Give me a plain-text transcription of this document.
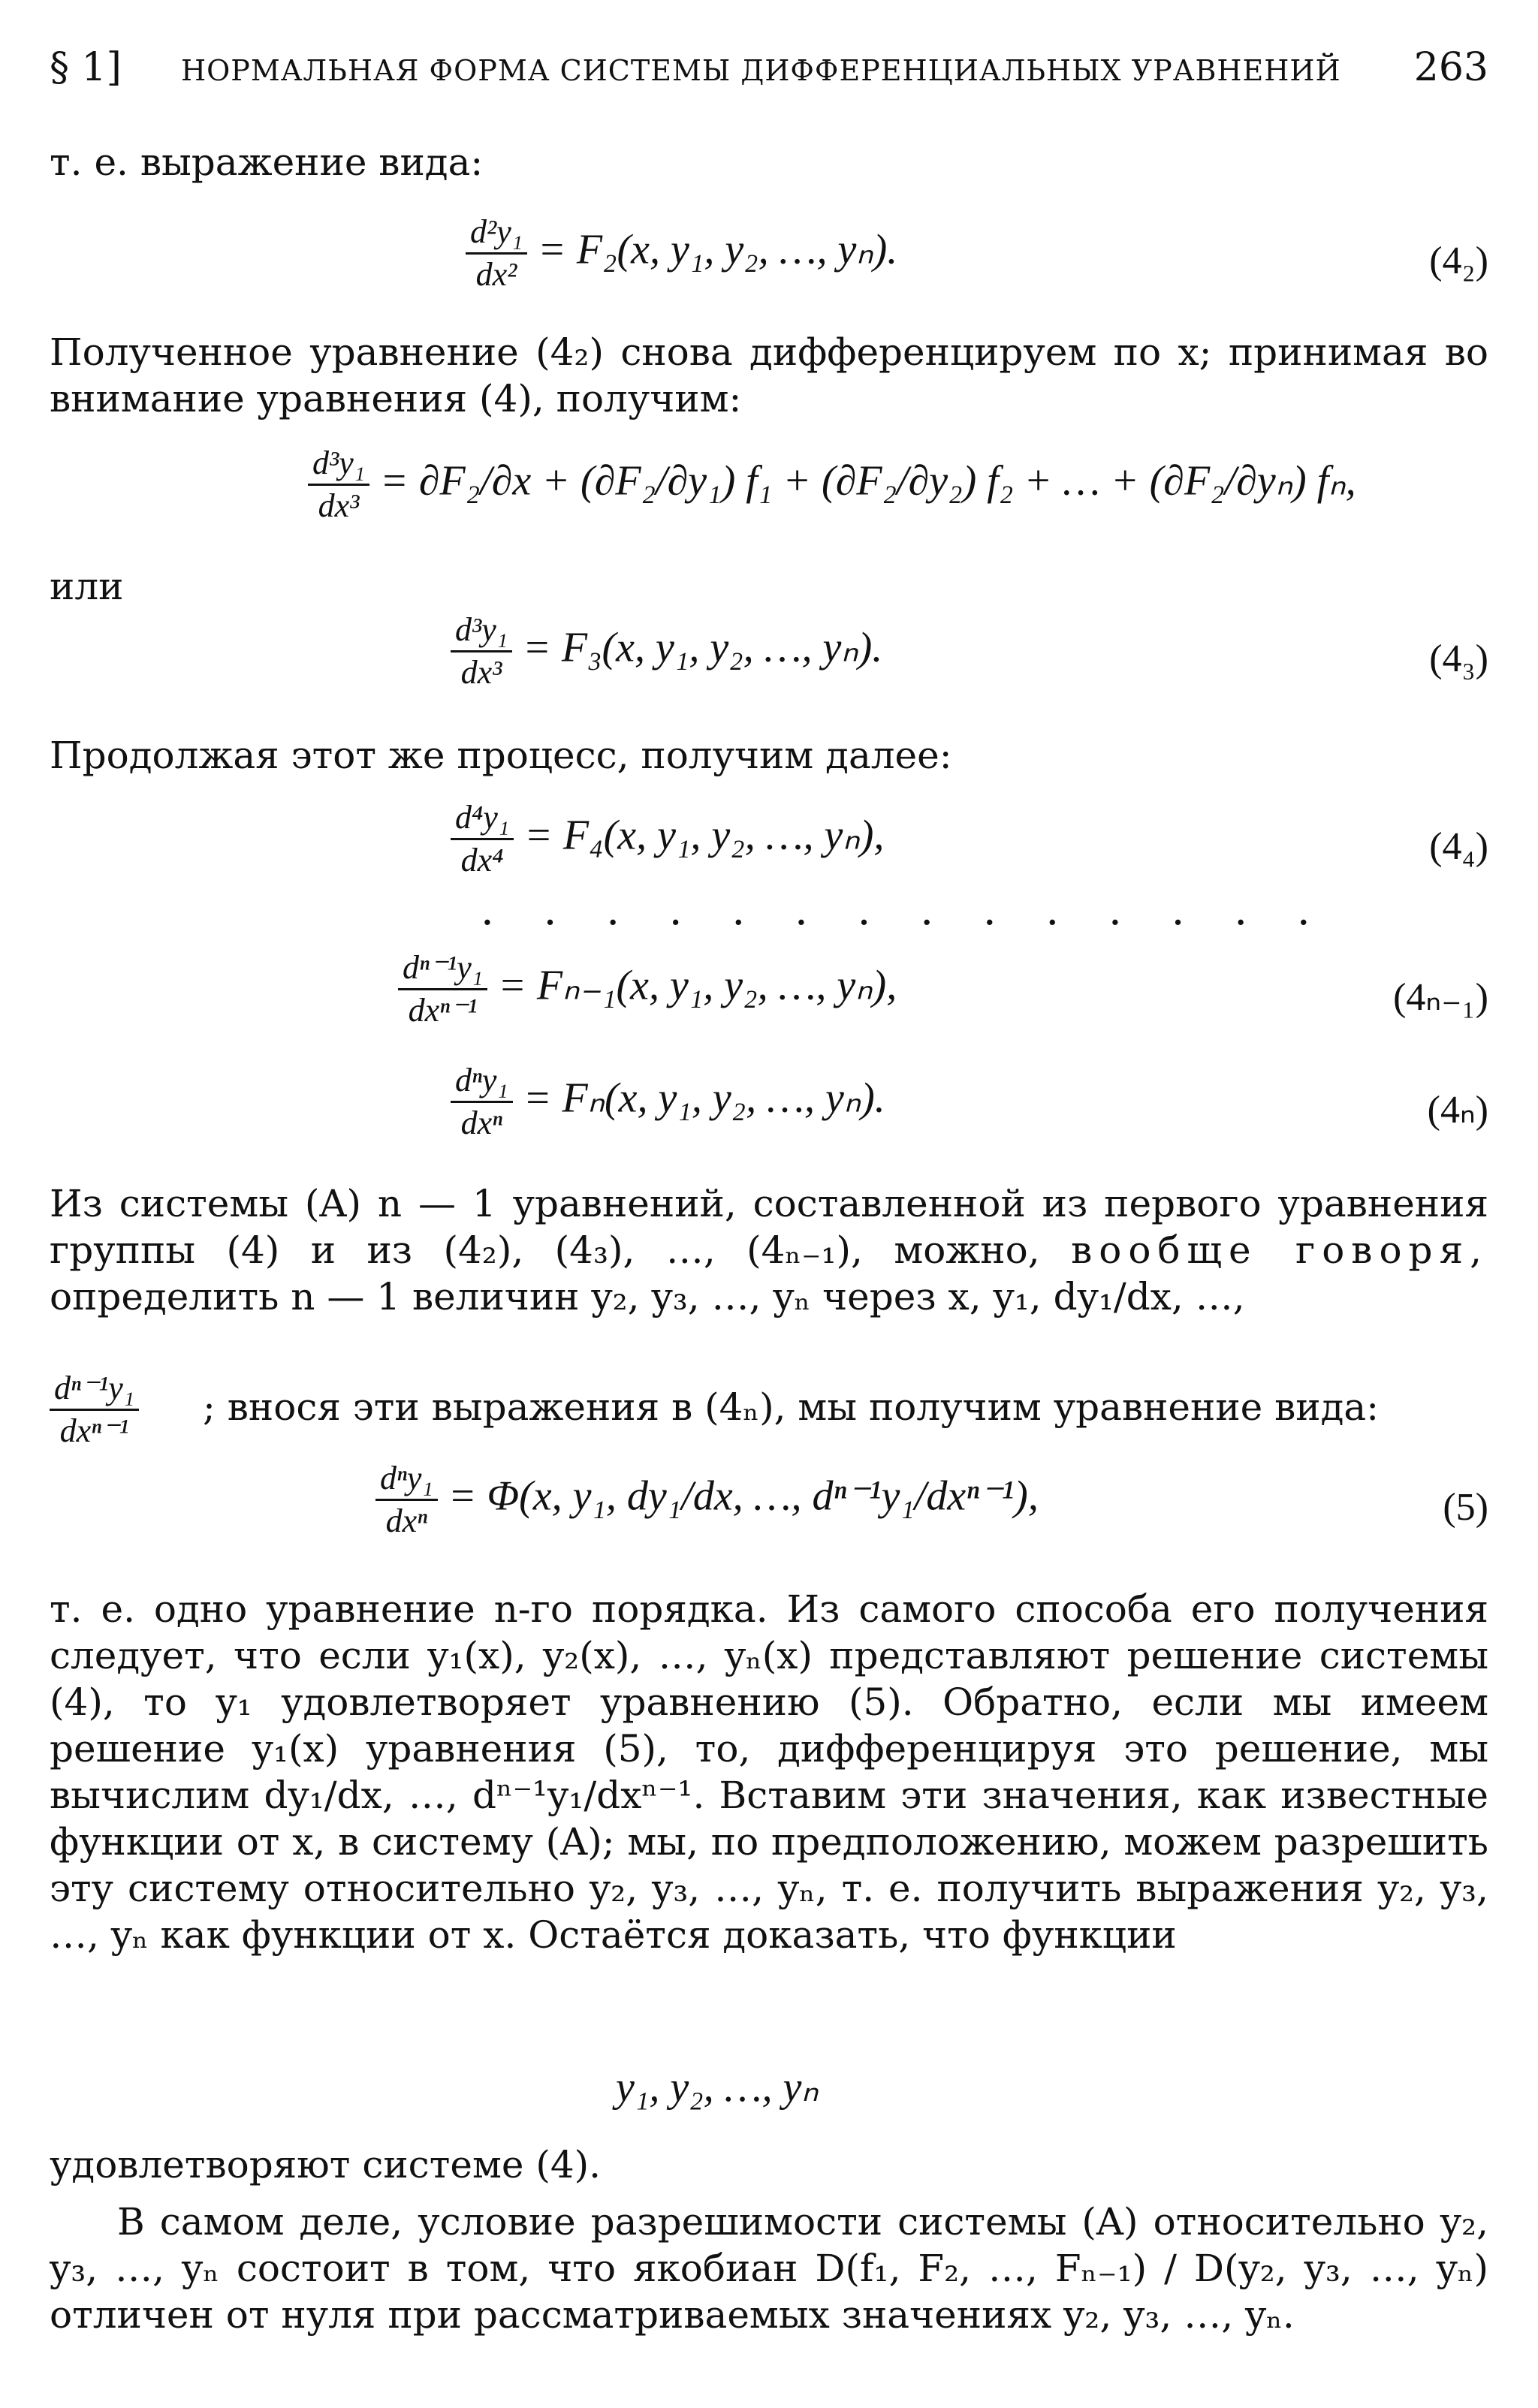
§ 1] НОРМАЛЬНАЯ ФОРМА СИСТЕМЫ ДИФФЕРЕНЦИАЛЬНЫХ УРАВНЕНИЙ 263
т. е. выражение вида:
$\frac{\text{d²y₁}}{\text{dx²}} = F_2(x$, y₁, y₂, …, yₙ).	(4₂)
Полученное уравнение (4₂) снова дифференцируем по x; принимая во внимание уравнения (4), получим:
$\frac{\text{d³y₁}}{\text{dx³}} = \partial F_2/\partial x + (\partial F_2/\partial y_1) f_1 + (\partial F_2/\partial y_2) f_2$ + … + (∂F₂/∂yₙ) fₙ,
или
$\frac{\text{d³y₁}}{\text{dx³}} = F_3(x$, y₁, y₂, …, yₙ).	(4₃)
Продолжая этот же процесс, получим далее:
$\frac{\text{d⁴y₁}}{\text{dx⁴}} = F_4(x$, y₁, y₂, …, yₙ),	(4₄)
. . . . . . . . . . . . . .
$\frac{\text{dⁿ⁻¹y₁}}{\text{dxⁿ⁻¹}} = F_{n-1}(x$, y₁, y₂, …, yₙ),	(4ₙ₋₁)
$\frac{\text{dⁿy₁}}{\text{dxⁿ}} = F_n(x$, y₁, y₂, …, yₙ).	(4ₙ)
Из системы (A) n — 1 уравнений, составленной из первого уравнения группы (4) и из (4₂), (4₃), …, (4ₙ₋₁), можно, вообще говоря, определить n — 1 величин y₂, y₃, …, yₙ через x, y₁, dy₁/dx, …,
$\frac{\text{dⁿ⁻¹y₁}}{\text{dxⁿ⁻¹}}$ ; внося эти выражения в (4ₙ), мы получим уравнение вида:
$\frac{\text{dⁿy₁}}{\text{dxⁿ}} = \Phi(x$, y₁, dy₁/dx, …, dⁿ⁻¹y₁/dxⁿ⁻¹),	(5)
т. е. одно уравнение n-го порядка. Из самого способа его получения следует, что если y₁(x), y₂(x), …, yₙ(x) представляют решение системы (4), то y₁ удовлетворяет уравнению (5). Обратно, если мы имеем решение y₁(x) уравнения (5), то, дифференцируя это решение, мы вычислим dy₁/dx, …, dⁿ⁻¹y₁/dxⁿ⁻¹. Вставим эти значения, как известные функции от x, в систему (A); мы, по предположению, можем разрешить эту систему относительно y₂, y₃, …, yₙ, т. е. получить выражения y₂, y₃, …, yₙ как функции от x. Остаётся доказать, что функции
y₁, y₂, …, yₙ
удовлетворяют системе (4).
В самом деле, условие разрешимости системы (A) относительно y₂, y₃, …, yₙ состоит в том, что якобиан D(f₁, F₂, …, Fₙ₋₁) / D(y₂, y₃, …, yₙ) отличен от нуля при рассматриваемых значениях y₂, y₃, …, yₙ.
